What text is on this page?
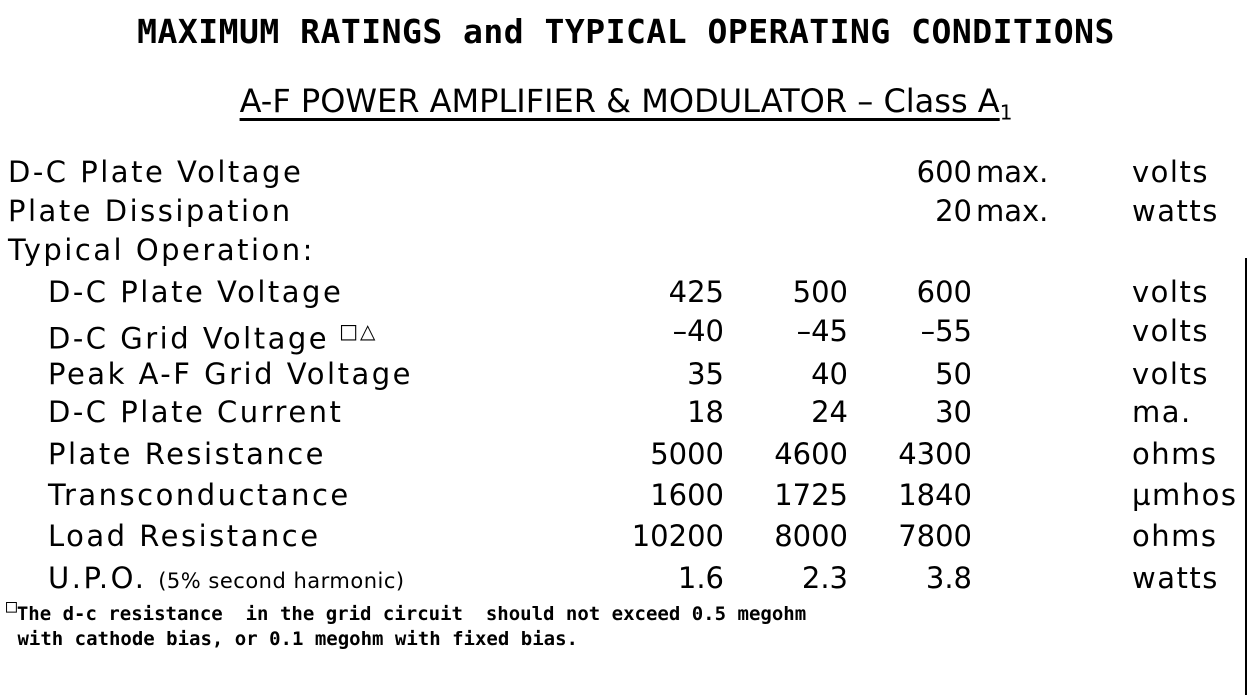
MAXIMUM RATINGS and TYPICAL OPERATING CONDITIONS
A-F POWER AMPLIFIER & MODULATOR – Class $A_1$
D-C Plate Voltage	600 max.	volts
Plate Dissipation	20 max.	watts
Typical Operation:
D-C Plate Voltage	425	500	600	volts
D-C Grid Voltage □△	–40	–45	–55	volts
Peak A-F Grid Voltage	35	40	50	volts
D-C Plate Current	18	24	30	ma.
Plate Resistance	5000	4600	4300	ohms
Transconductance	1600	1725	1840	µmhos
Load Resistance	10200	8000	7800	ohms
U.P.O. (5% second harmonic)	1.6	2.3	3.8	watts
□The d-c resistance  in the grid circuit  should not exceed 0.5 megohm
with cathode bias, or 0.1 megohm with fixed bias.
